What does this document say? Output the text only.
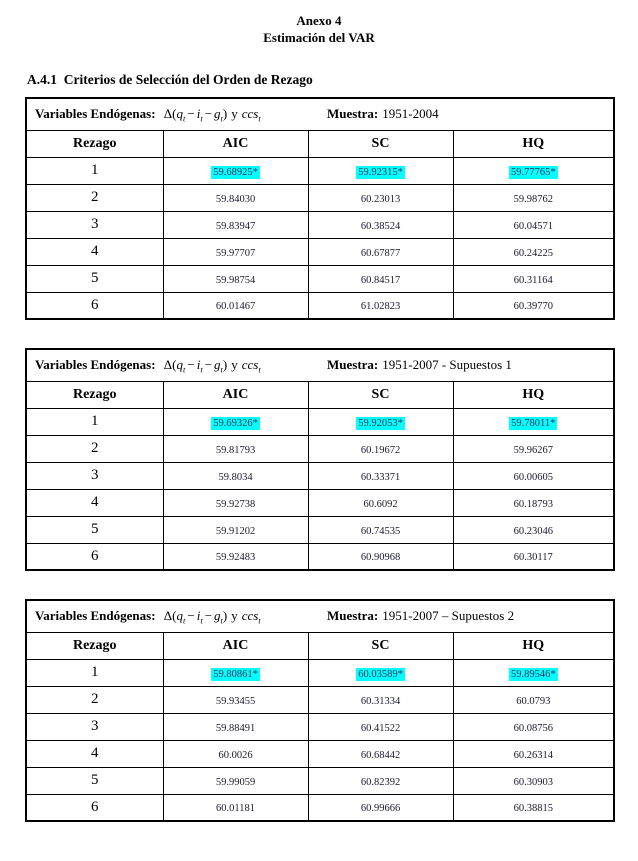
Anexo 4
Estimación del VAR
A.4.1  Criterios de Selección del Orden de Rezago
Variables Endógenas: $\Delta(q_t - i_t - g_t)$ y ccs$_t$ Muestra: 1951-2004			

Rezago	AIC	SC	HQ
1	59.68925*	59.92315*	59.77765*
2	59.84030	60.23013	59.98762
3	59.83947	60.38524	60.04571
4	59.97707	60.67877	60.24225
5	59.98754	60.84517	60.31164
6	60.01467	61.02823	60.39770
Variables Endógenas: $\Delta(q_t - i_t - g_t)$ y ccs$_t$ Muestra: 1951-2007 - Supuestos 1			

Rezago	AIC	SC	HQ
1	59.69326*	59.92053*	59.78011*
2	59.81793	60.19672	59.96267
3	59.8034	60.33371	60.00605
4	59.92738	60.6092	60.18793
5	59.91202	60.74535	60.23046
6	59.92483	60.90968	60.30117
Variables Endógenas: $\Delta(q_t - i_t - g_t)$ y ccs$_t$ Muestra: 1951-2007 – Supuestos 2			

Rezago	AIC	SC	HQ
1	59.80861*	60.03589*	59.89546*
2	59.93455	60.31334	60.0793
3	59.88491	60.41522	60.08756
4	60.0026	60.68442	60.26314
5	59.99059	60.82392	60.30903
6	60.01181	60.99666	60.38815
